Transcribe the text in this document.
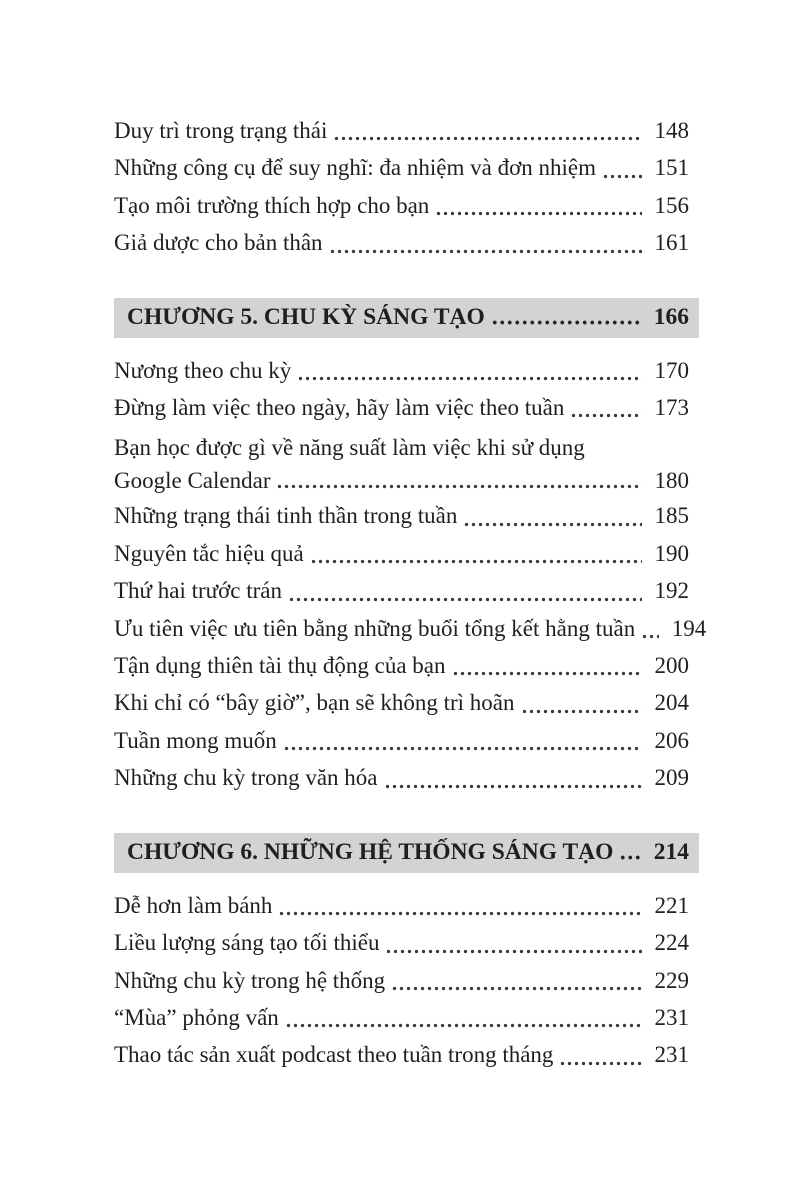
Duy trì trong trạng thái	148
Những công cụ để suy nghĩ: đa nhiệm và đơn nhiệm	151
Tạo môi trường thích hợp cho bạn	156
Giả dược cho bản thân	161
CHƯƠNG 5. CHU KỲ SÁNG TẠO	166
Nương theo chu kỳ	170
Đừng làm việc theo ngày, hãy làm việc theo tuần	173
Bạn học được gì về năng suất làm việc khi sử dụng
Google Calendar	180
Những trạng thái tinh thần trong tuần	185
Nguyên tắc hiệu quả	190
Thứ hai trước trán	192
Ưu tiên việc ưu tiên bằng những buổi tổng kết hằng tuần	194
Tận dụng thiên tài thụ động của bạn	200
Khi chỉ có “bây giờ”, bạn sẽ không trì hoãn	204
Tuần mong muốn	206
Những chu kỳ trong văn hóa	209
CHƯƠNG 6. NHỮNG HỆ THỐNG SÁNG TẠO 214
Dễ hơn làm bánh	221
Liều lượng sáng tạo tối thiểu	224
Những chu kỳ trong hệ thống	229
“Mùa” phỏng vấn	231
Thao tác sản xuất podcast theo tuần trong tháng	231
